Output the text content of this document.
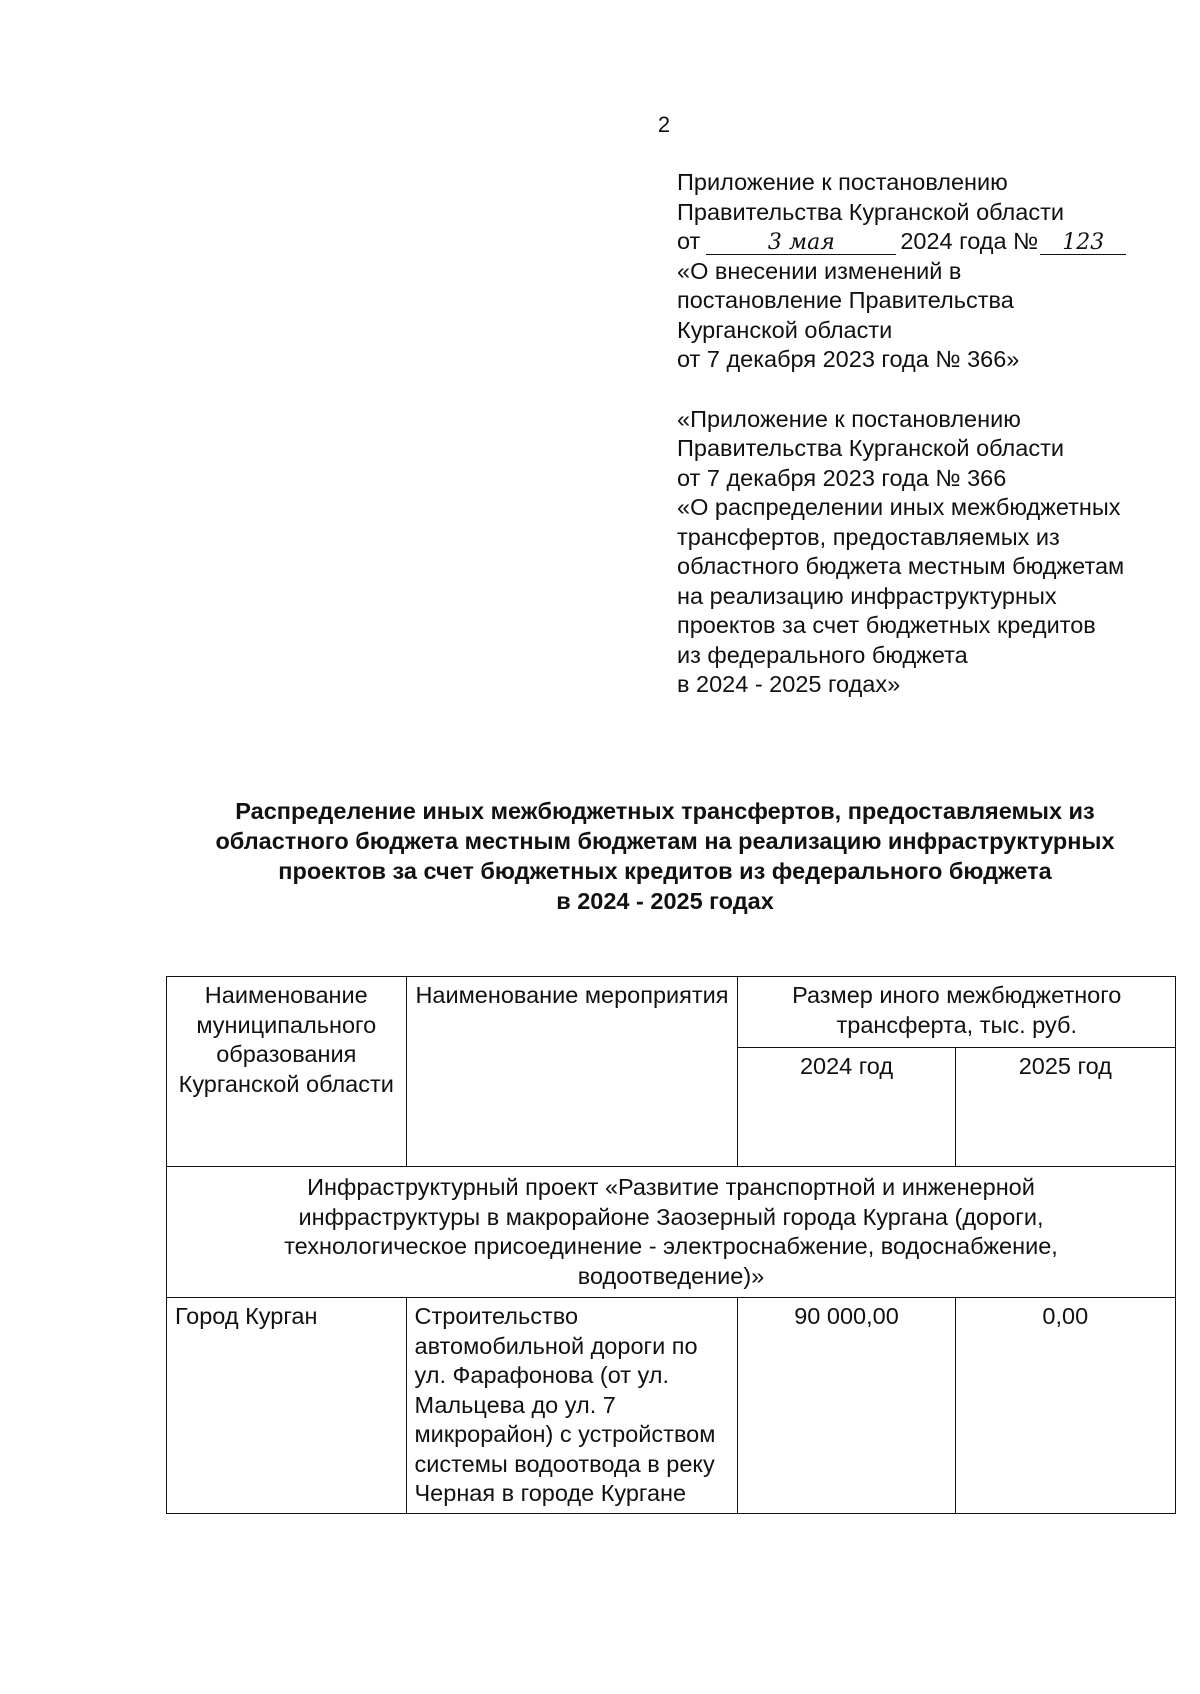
2
Приложение к постановлению
Правительства Курганской области
от	3 мая	2024 года № 123
«О внесении изменений в
постановление Правительства
Курганской области
от 7 декабря 2023 года № 366»
«Приложение к постановлению
Правительства Курганской области
от 7 декабря 2023 года № 366
«О распределении иных межбюджетных
трансфертов, предоставляемых из
областного бюджета местным бюджетам
на реализацию инфраструктурных
проектов за счет бюджетных кредитов
из федерального бюджета
в 2024 - 2025 годах»
Распределение иных межбюджетных трансфертов, предоставляемых из
областного бюджета местным бюджетам на реализацию инфраструктурных
проектов за счет бюджетных кредитов из федерального бюджета
в 2024 - 2025 годах
Наименование муниципального образования Курганской области	Наименование мероприятия	Размер иного межбюджетного трансферта, тыс. руб.	
		2024 год	2025 год
Инфраструктурный проект «Развитие транспортной и инженерной инфраструктуры в макрорайоне Заозерный города Кургана (дороги, технологическое присоединение - электроснабжение, водоснабжение, водоотведение)»			
Город Курган	Строительство автомобильной дороги по ул. Фарафонова (от ул. Мальцева до ул. 7 микрорайон) с устройством системы водоотвода в реку Черная в городе Кургане	90 000,00	0,00
